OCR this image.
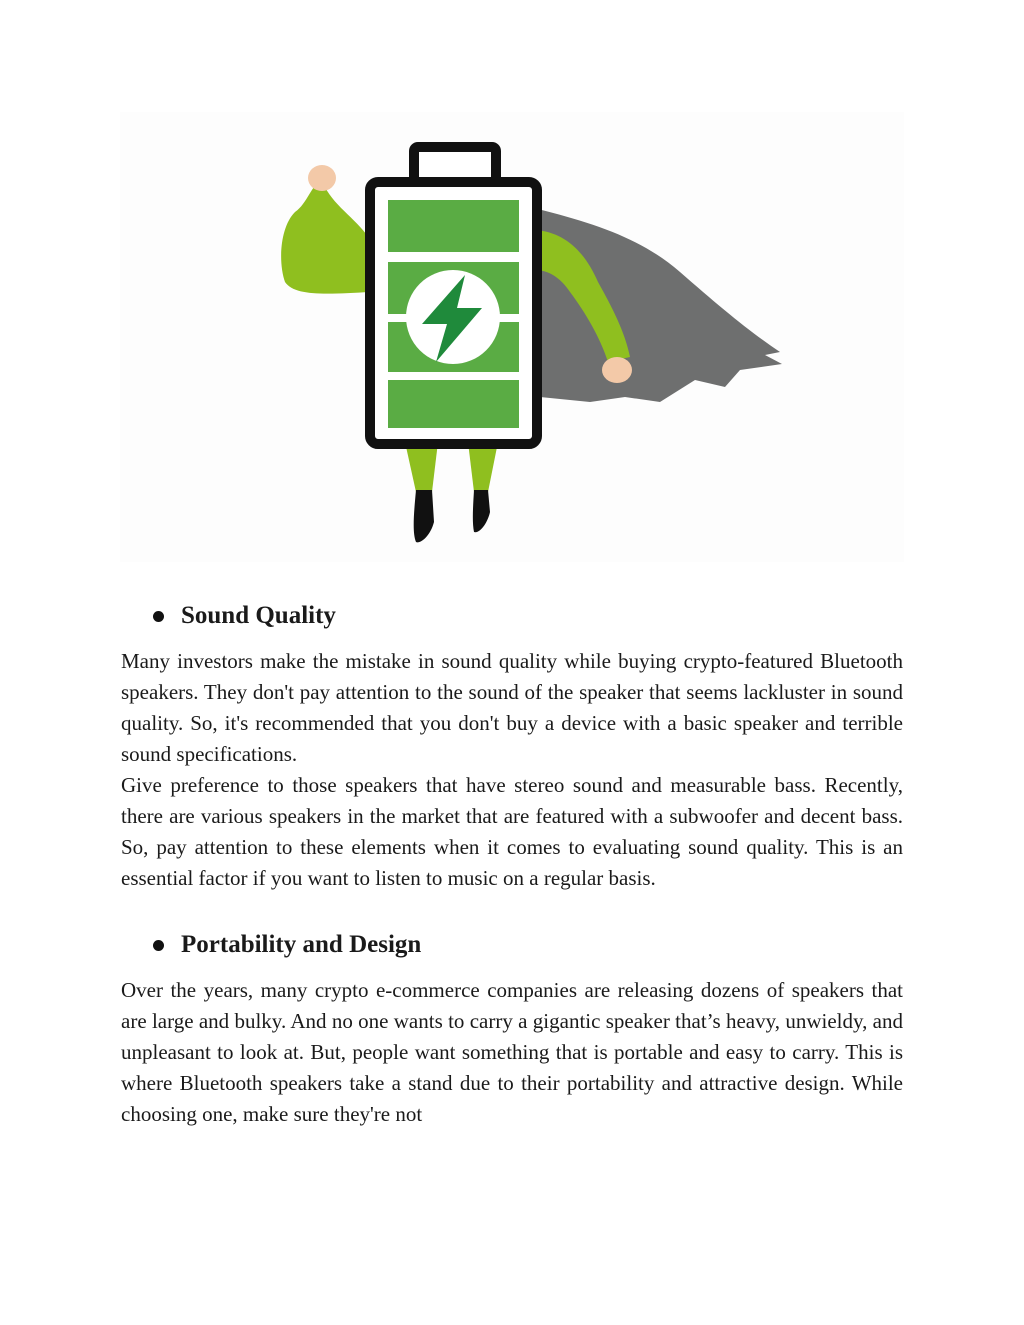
Sound Quality

Many investors make the mistake in sound quality while buying crypto-featured Bluetooth speakers. They don't pay attention to the sound of the speaker that seems lackluster in sound quality. So, it's recommended that you don't buy a device with a basic speaker and terrible sound specifications.

Give preference to those speakers that have stereo sound and measurable bass. Recently, there are various speakers in the market that are featured with a subwoofer and decent bass. So, pay attention to these elements when it comes to evaluating sound quality. This is an essential factor if you want to listen to music on a regular basis.

Portability and Design

Over the years, many crypto e-commerce companies are releasing dozens of speakers that are large and bulky. And no one wants to carry a gigantic speaker that’s heavy, unwieldy, and unpleasant to look at. But, people want something that is portable and easy to carry. This is where Bluetooth speakers take a stand due to their portability and attractive design. While choosing one, make sure they're not
